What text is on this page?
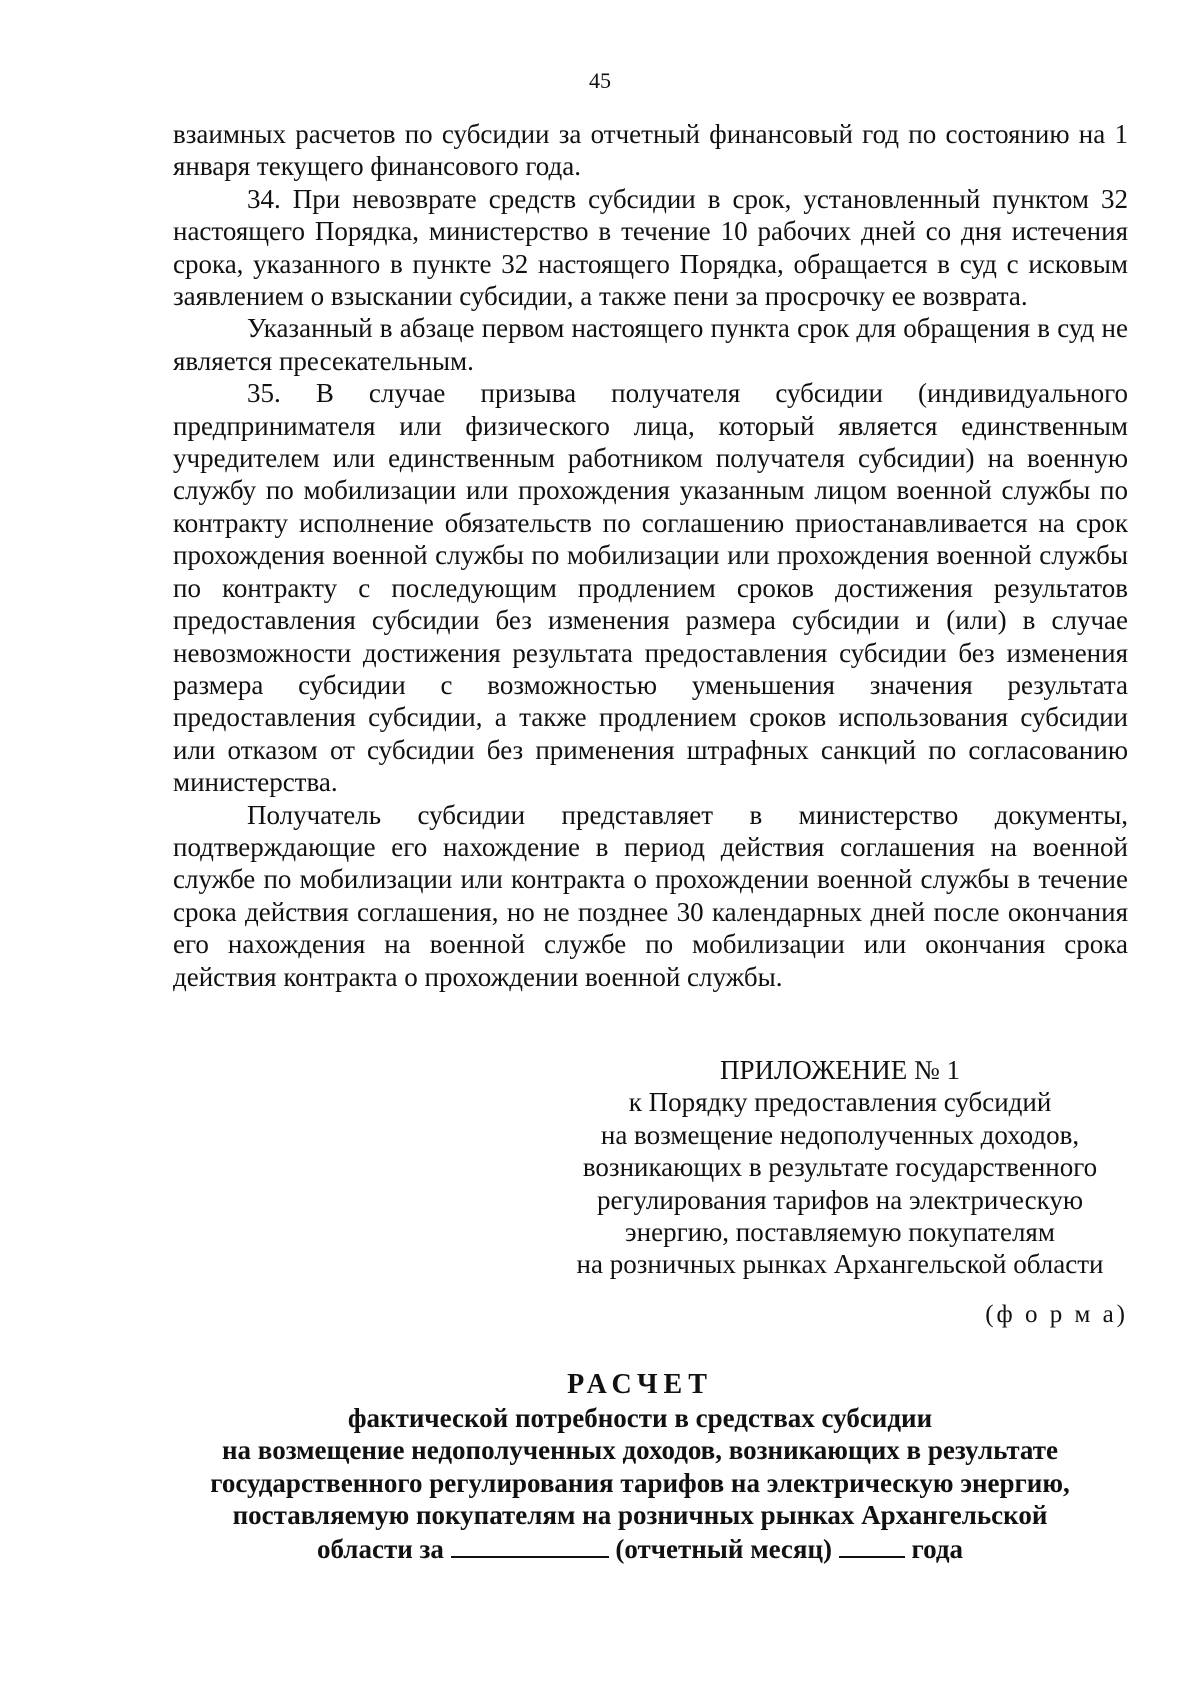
45

взаимных расчетов по субсидии за отчетный финансовый год по состоянию на 1 января текущего финансового года.

34. При невозврате средств субсидии в срок, установленный пунктом 32 настоящего Порядка, министерство в течение 10 рабочих дней со дня истечения срока, указанного в пункте 32 настоящего Порядка, обращается в суд с исковым заявлением о взыскании субсидии, а также пени за просрочку ее возврата.

Указанный в абзаце первом настоящего пункта срок для обращения в суд не является пресекательным.

35. В случае призыва получателя субсидии (индивидуального предпринимателя или физического лица, который является единственным учредителем или единственным работником получателя субсидии) на военную службу по мобилизации или прохождения указанным лицом военной службы по контракту исполнение обязательств по соглашению приостанавливается на срок прохождения военной службы по мобилизации или прохождения военной службы по контракту с последующим продлением сроков достижения результатов предоставления субсидии без изменения размера субсидии и (или) в случае невозможности достижения результата предоставления субсидии без изменения размера субсидии с возможностью уменьшения значения результата предоставления субсидии, а также продлением сроков использования субсидии или отказом от субсидии без применения штрафных санкций по согласованию министерства.

Получатель субсидии представляет в министерство документы, подтверждающие его нахождение в период действия соглашения на военной службе по мобилизации или контракта о прохождении военной службы в течение срока действия соглашения, но не позднее 30 календарных дней после окончания его нахождения на военной службе по мобилизации или окончания срока действия контракта о прохождении военной службы.

ПРИЛОЖЕНИЕ № 1
к Порядку предоставления субсидий
на возмещение недополученных доходов,
возникающих в результате государственного
регулирования тарифов на электрическую
энергию, поставляемую покупателям
на розничных рынках Архангельской области
(ф о р м а)
РАСЧЕТ
фактической потребности в средствах субсидии
на возмещение недополученных доходов, возникающих в результате
государственного регулирования тарифов на электрическую энергию,
поставляемую покупателям на розничных рынках Архангельской
области за	(отчетный месяц)	года
